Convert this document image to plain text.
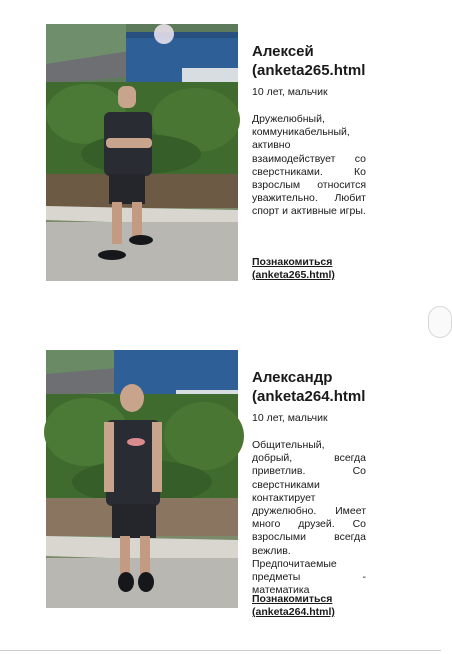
Алексей
(anketa265.html
10 лет, мальчик
Дружелюбный, коммуникабельный, активно взаимодействует со сверстниками. Ко взрослым относится уважительно. Любит спорт и активные игры.
Познакомиться
(anketa265.html)
Александр
(anketa264.html
10 лет, мальчик
Общительный, добрый, всегда приветлив. Со сверстниками контактирует дружелюбно. Имеет много друзей. Со взрослыми всегда вежлив. Предпочитаемые предметы - математика
Познакомиться
(anketa264.html)
